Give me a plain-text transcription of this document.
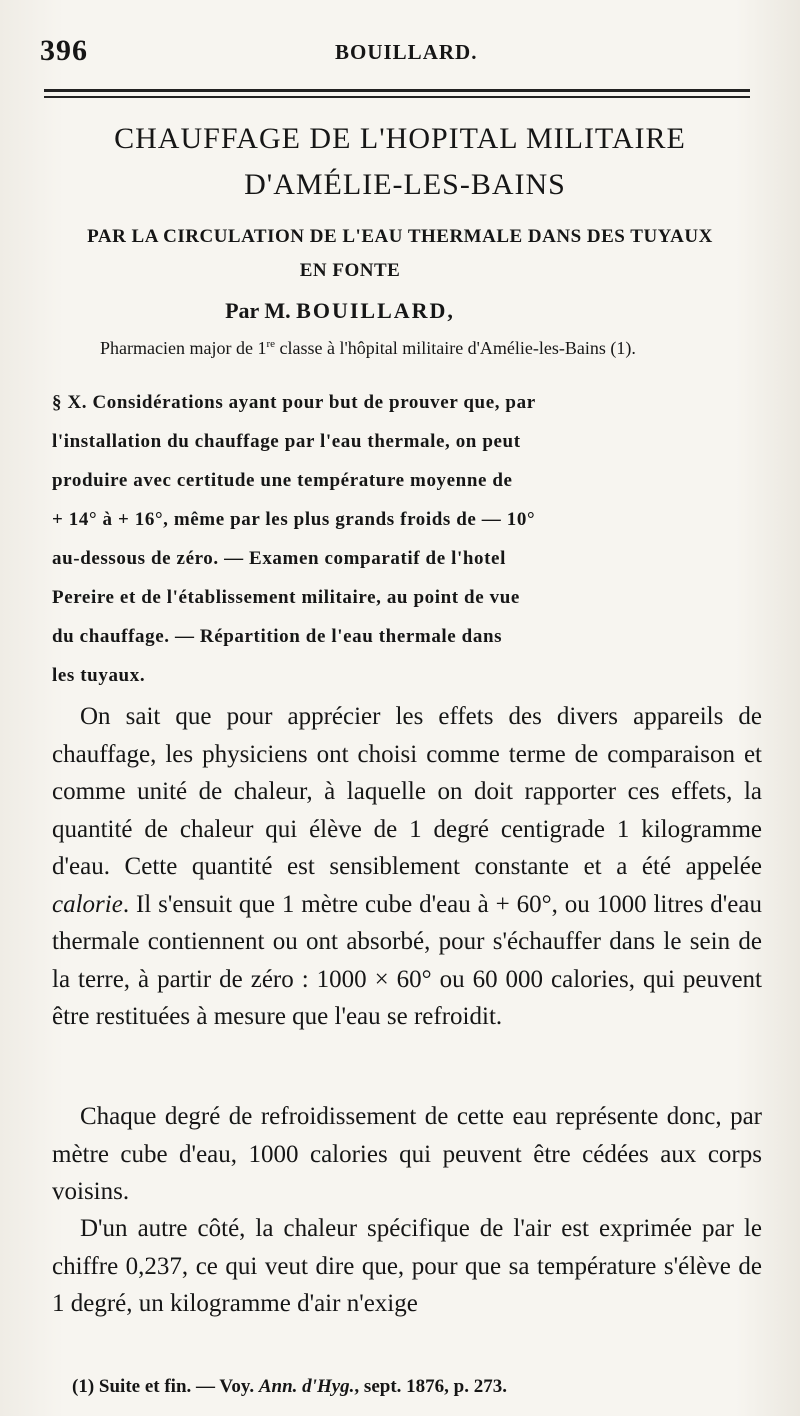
396	BOUILLARD.
CHAUFFAGE DE L'HOPITAL MILITAIRE
D'AMÉLIE-LES-BAINS
PAR LA CIRCULATION DE L'EAU THERMALE DANS DES TUYAUX
EN FONTE
Par M. BOUILLARD,
Pharmacien major de 1re classe à l'hôpital militaire d'Amélie-les-Bains (1).
§ X. Considérations ayant pour but de prouver que, par
l'installation du chauffage par l'eau thermale, on peut
produire avec certitude une température moyenne de
+ 14° à + 16°, même par les plus grands froids de — 10°
au-dessous de zéro. — Examen comparatif de l'hotel
Pereire et de l'établissement militaire, au point de vue
du chauffage. — Répartition de l'eau thermale dans
les tuyaux.

On sait que pour apprécier les effets des divers appareils de chauffage, les physiciens ont choisi comme terme de comparaison et comme unité de chaleur, à laquelle on doit rapporter ces effets, la quantité de chaleur qui élève de 1 degré centigrade 1 kilogramme d'eau. Cette quantité est sensiblement constante et a été appelée calorie. Il s'ensuit que 1 mètre cube d'eau à + 60°, ou 1000 litres d'eau thermale contiennent ou ont absorbé, pour s'échauffer dans le sein de la terre, à partir de zéro : 1000 × 60° ou 60 000 calories, qui peuvent être restituées à mesure que l'eau se refroidit.

Chaque degré de refroidissement de cette eau représente donc, par mètre cube d'eau, 1000 calories qui peuvent être cédées aux corps voisins.

D'un autre côté, la chaleur spécifique de l'air est exprimée par le chiffre 0,237, ce qui veut dire que, pour que sa température s'élève de 1 degré, un kilogramme d'air n'exige

(1) Suite et fin. — Voy. Ann. d'Hyg., sept. 1876, p. 273.
